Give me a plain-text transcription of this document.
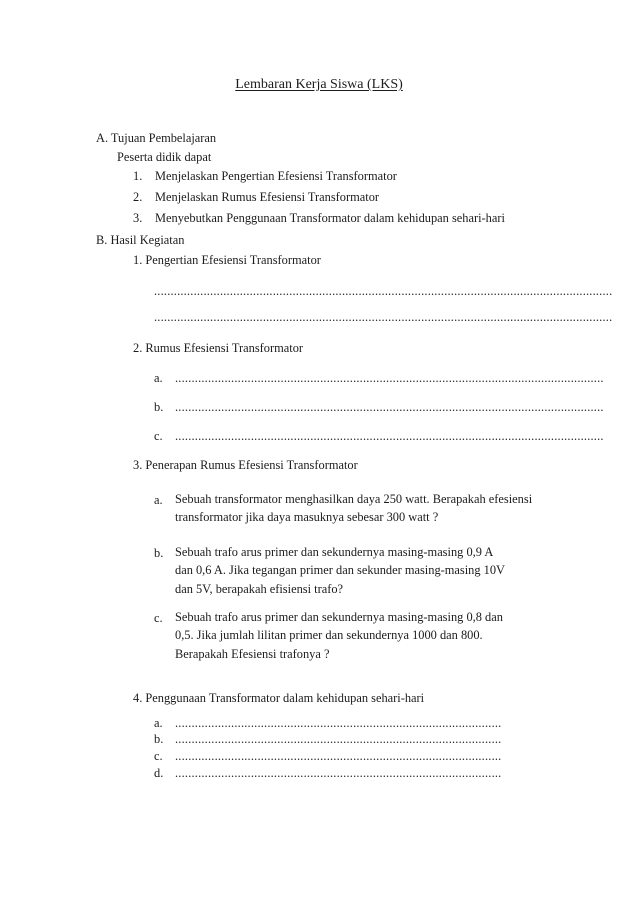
Lembaran Kerja Siswa (LKS)
A. Tujuan Pembelajaran
Peserta didik dapat
1. Menjelaskan Pengertian Efesiensi Transformator
2. Menjelaskan Rumus Efesiensi Transformator
3. Menyebutkan Penggunaan Transformator dalam kehidupan sehari-hari
B. Hasil Kegiatan
1. Pengertian Efesiensi Transformator
...........................................................................................................................................
...........................................................................................................................................
2. Rumus Efesiensi Transformator
a. ..................................................................................................................................
b. ..................................................................................................................................
c. ..................................................................................................................................
3. Penerapan Rumus Efesiensi Transformator
a. Sebuah transformator menghasilkan daya 250 watt. Berapakah efesiensi
transformator jika daya masuknya sebesar 300 watt ?
b. Sebuah trafo arus primer dan sekundernya masing-masing 0,9 A
dan 0,6 A. Jika tegangan primer dan sekunder masing-masing 10V
dan 5V, berapakah efisiensi trafo?
c. Sebuah trafo arus primer dan sekundernya masing-masing 0,8 dan
0,5. Jika jumlah lilitan primer dan sekundernya 1000 dan 800.
Berapakah Efesiensi trafonya ?
4. Penggunaan Transformator dalam kehidupan sehari-hari
a. ...................................................................................................
b. ...................................................................................................
c. ...................................................................................................
d. ...................................................................................................
